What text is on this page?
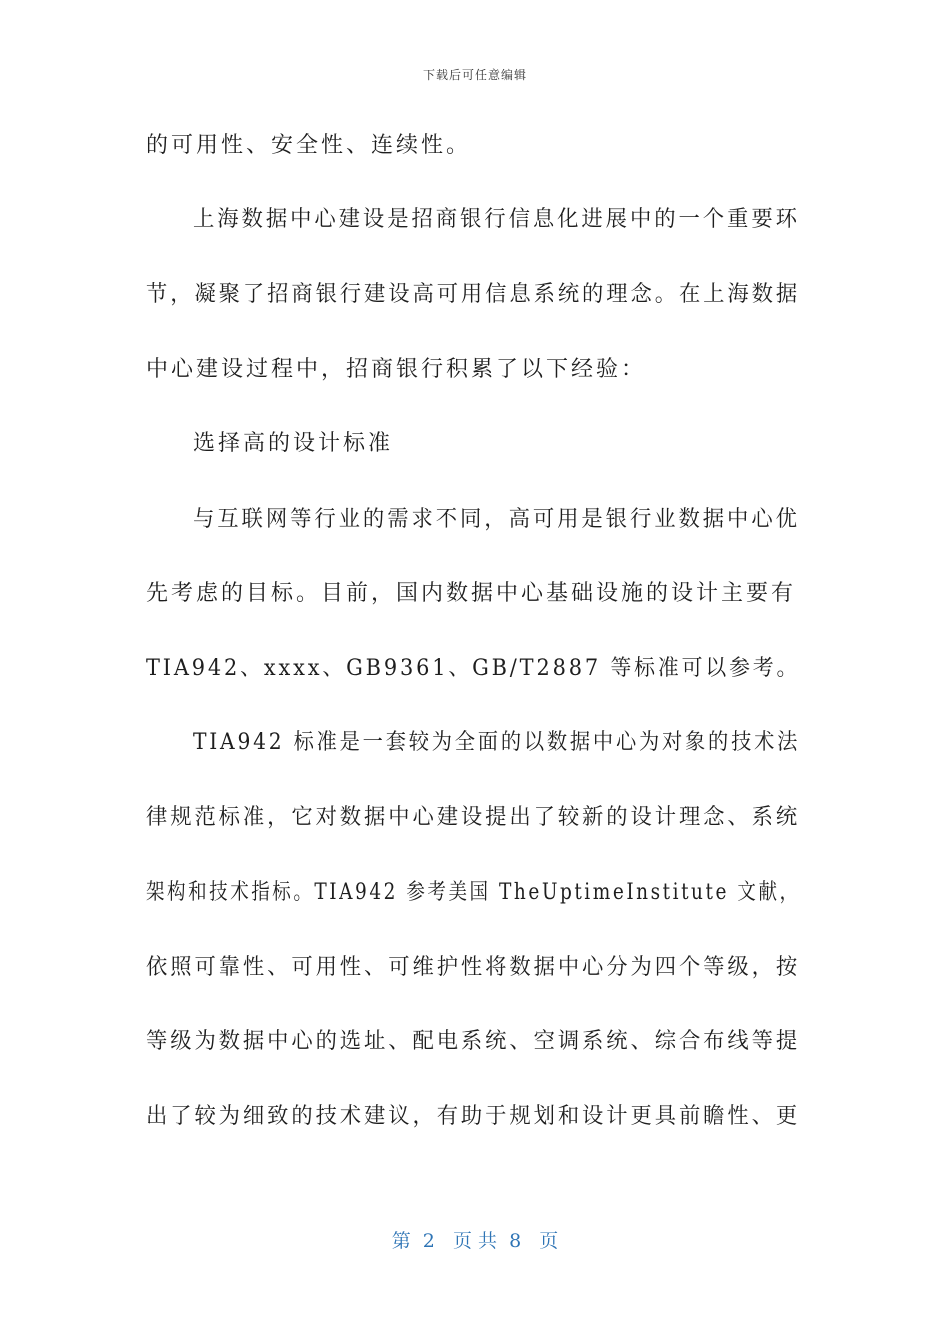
下载后可任意编辑
的可用性、安全性、连续性。
上海数据中心建设是招商银行信息化进展中的一个重要环
节，凝聚了招商银行建设高可用信息系统的理念。在上海数据
中心建设过程中，招商银行积累了以下经验：
选择高的设计标准
与互联网等行业的需求不同，高可用是银行业数据中心优
先考虑的目标。目前，国内数据中心基础设施的设计主要有
TIA942、xxxx、GB9361、GB/T2887 等标准可以参考。
TIA942 标准是一套较为全面的以数据中心为对象的技术法
律规范标准，它对数据中心建设提出了较新的设计理念、系统
架构和技术指标。TIA942 参考美国 TheUptimeInstitute 文献，
依照可靠性、可用性、可维护性将数据中心分为四个等级，按
等级为数据中心的选址、配电系统、空调系统、综合布线等提
出了较为细致的技术建议，有助于规划和设计更具前瞻性、更
第  2   页 共  8   页
